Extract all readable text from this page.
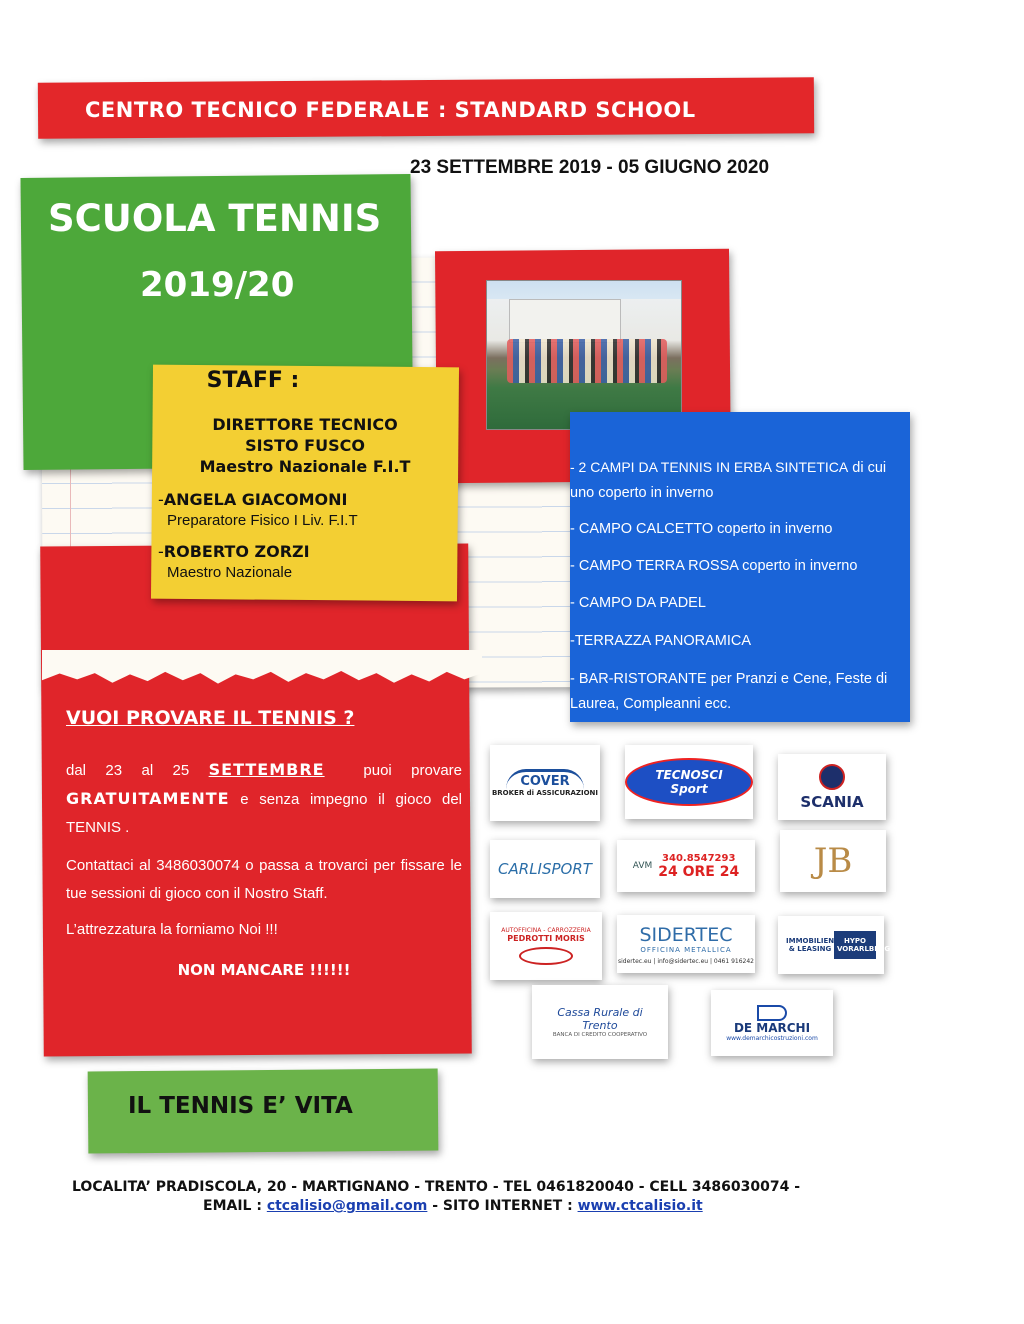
CENTRO TECNICO FEDERALE : STANDARD SCHOOL
23 SETTEMBRE 2019 - 05 GIUGNO 2020
SCUOLA TENNIS
2019/20
- 2 CAMPI DA TENNIS IN ERBA SINTETICA di cui uno coperto in inverno
- CAMPO CALCETTO coperto in inverno
- CAMPO TERRA ROSSA coperto in inverno
- CAMPO DA PADEL
-TERRAZZA PANORAMICA
- BAR-RISTORANTE per Pranzi e Cene, Feste di Laurea, Compleanni ecc.
STAFF :
DIRETTORE TECNICO
SISTO FUSCO
Maestro Nazionale F.I.T
-ANGELA GIACOMONI
Preparatore Fisico I Liv. F.I.T
-ROBERTO ZORZI
Maestro Nazionale
VUOI PROVARE IL TENNIS ?
dal 23 al 25 SETTEMBRE	puoi provare GRATUITAMENTE e senza impegno il gioco del TENNIS .
Contattaci al 3486030074 o passa a trovarci per fissare le tue sessioni di gioco con il Nostro Staff.
L’attrezzatura la forniamo Noi !!!
NON MANCARE !!!!!!
IL TENNIS E’ VITA
COVER
BROKER di ASSICURAZIONI
TECNOSCI Sport
SCANIA
CARLISPORT	AVM
340.8547293
24 ORE 24 JB
AUTOFFICINA - CARROZZERIA
PEDROTTI MORIS	SIDERTEC
OFFICINA METALLICA
sidertec.eu | info@sidertec.eu | 0461 916242
IMMOBILIEN & LEASING
HYPO VORARLBERG
Cassa Rurale di Trento
BANCA DI CREDITO COOPERATIVO
DE MARCHI
www.demarchicostruzioni.com
LOCALITA’ PRADISCOLA, 20 - MARTIGNANO - TRENTO - TEL 0461820040 - CELL 3486030074 -
EMAIL : ctcalisio@gmail.com - SITO INTERNET : www.ctcalisio.it
